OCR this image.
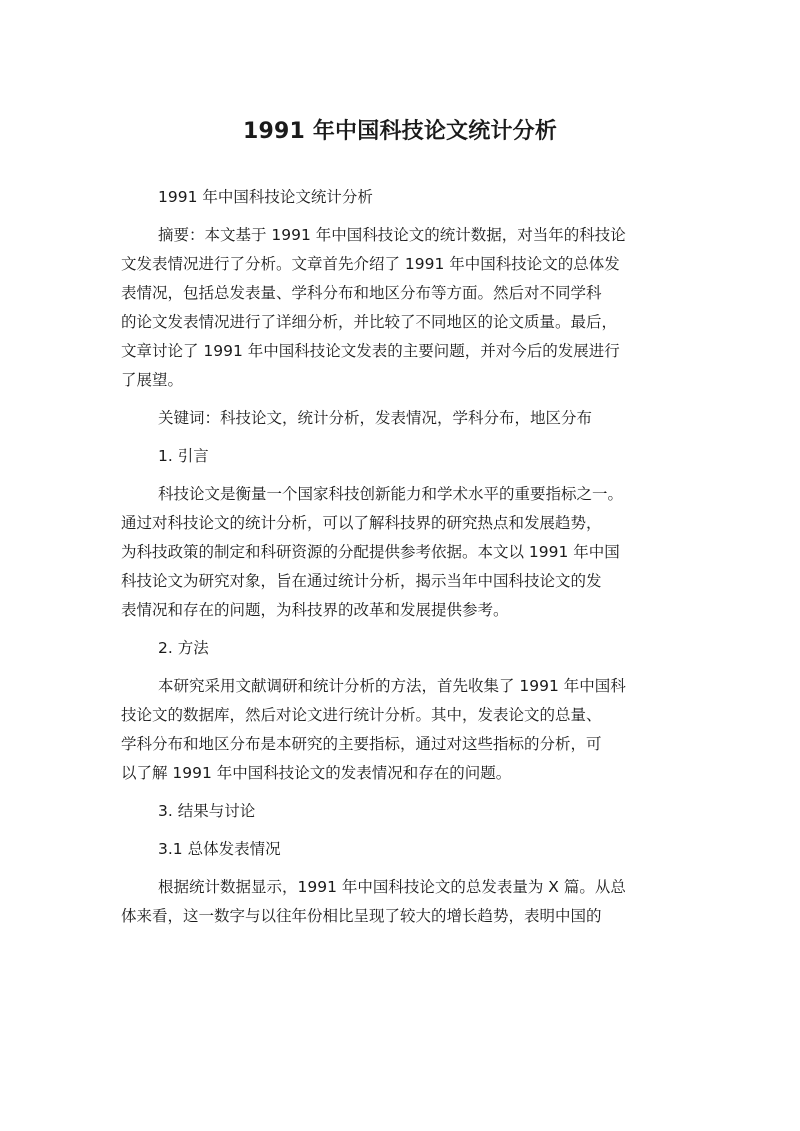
1991 年中国科技论文统计分析
1991 年中国科技论文统计分析
摘要：本文基于 1991 年中国科技论文的统计数据，对当年的科技论
文发表情况进行了分析。文章首先介绍了 1991 年中国科技论文的总体发
表情况，包括总发表量、学科分布和地区分布等方面。然后对不同学科
的论文发表情况进行了详细分析，并比较了不同地区的论文质量。最后，
文章讨论了 1991 年中国科技论文发表的主要问题，并对今后的发展进行
了展望。
关键词：科技论文，统计分析，发表情况，学科分布，地区分布
1. 引言
科技论文是衡量一个国家科技创新能力和学术水平的重要指标之一。
通过对科技论文的统计分析，可以了解科技界的研究热点和发展趋势，
为科技政策的制定和科研资源的分配提供参考依据。本文以 1991 年中国
科技论文为研究对象，旨在通过统计分析，揭示当年中国科技论文的发
表情况和存在的问题，为科技界的改革和发展提供参考。
2. 方法
本研究采用文献调研和统计分析的方法，首先收集了 1991 年中国科
技论文的数据库，然后对论文进行统计分析。其中，发表论文的总量、
学科分布和地区分布是本研究的主要指标，通过对这些指标的分析，可
以了解 1991 年中国科技论文的发表情况和存在的问题。
3. 结果与讨论
3.1 总体发表情况
根据统计数据显示，1991 年中国科技论文的总发表量为 X 篇。从总
体来看，这一数字与以往年份相比呈现了较大的增长趋势，表明中国的
